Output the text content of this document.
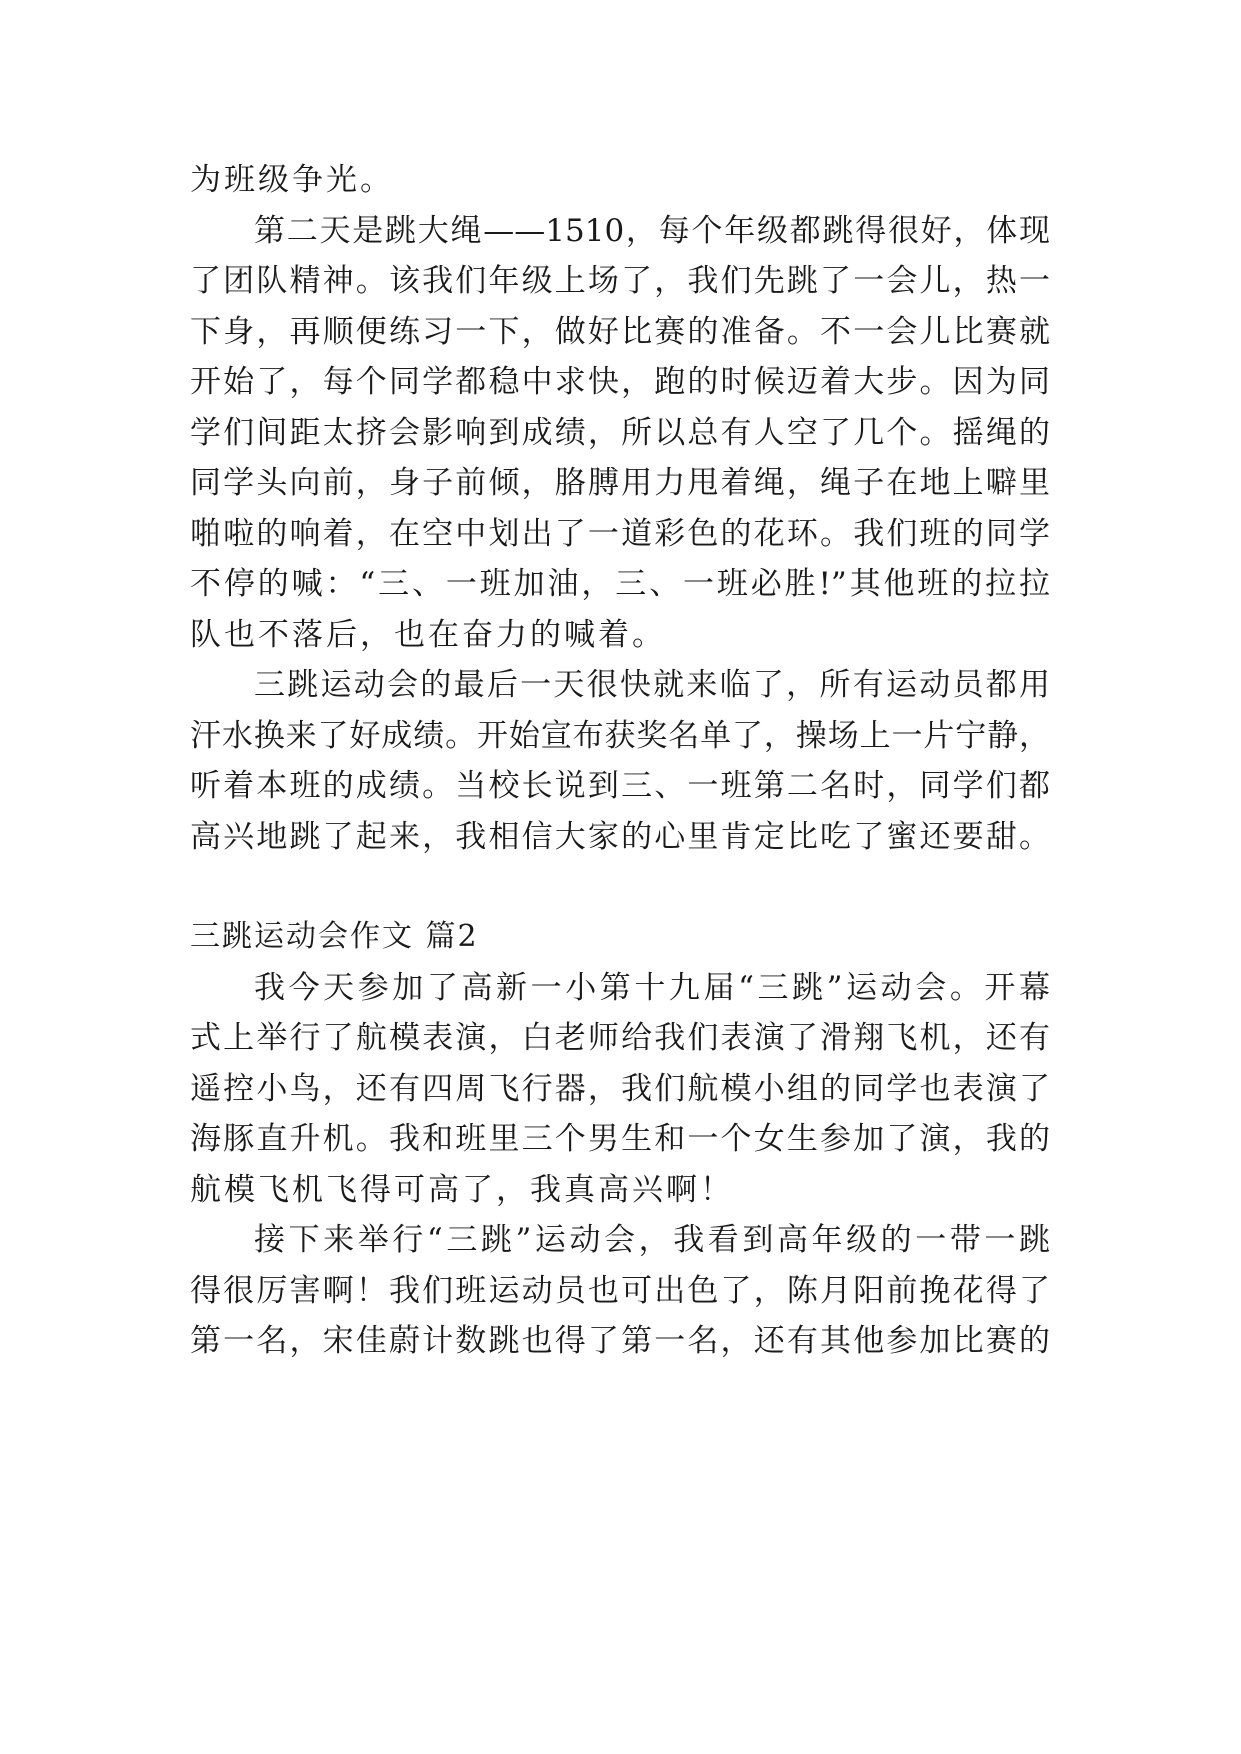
为班级争光。
第二天是跳大绳——1510，每个年级都跳得很好，体现
了团队精神。该我们年级上场了，我们先跳了一会儿，热一
下身，再顺便练习一下，做好比赛的准备。不一会儿比赛就
开始了，每个同学都稳中求快，跑的时候迈着大步。因为同
学们间距太挤会影响到成绩，所以总有人空了几个。摇绳的
同学头向前，身子前倾，胳膊用力甩着绳，绳子在地上噼里
啪啦的响着，在空中划出了一道彩色的花环。我们班的同学
不停的喊：“三、一班加油，三、一班必胜!”其他班的拉拉
队也不落后，也在奋力的喊着。
三跳运动会的最后一天很快就来临了，所有运动员都用
汗水换来了好成绩。开始宣布获奖名单了，操场上一片宁静，
听着本班的成绩。当校长说到三、一班第二名时，同学们都
高兴地跳了起来，我相信大家的心里肯定比吃了蜜还要甜。
三跳运动会作文 篇2
我今天参加了高新一小第十九届“三跳”运动会。开幕
式上举行了航模表演，白老师给我们表演了滑翔飞机，还有
遥控小鸟，还有四周飞行器，我们航模小组的同学也表演了
海豚直升机。我和班里三个男生和一个女生参加了演，我的
航模飞机飞得可高了，我真高兴啊！
接下来举行“三跳”运动会，我看到高年级的一带一跳
得很厉害啊！我们班运动员也可出色了，陈月阳前挽花得了
第一名，宋佳蔚计数跳也得了第一名，还有其他参加比赛的
